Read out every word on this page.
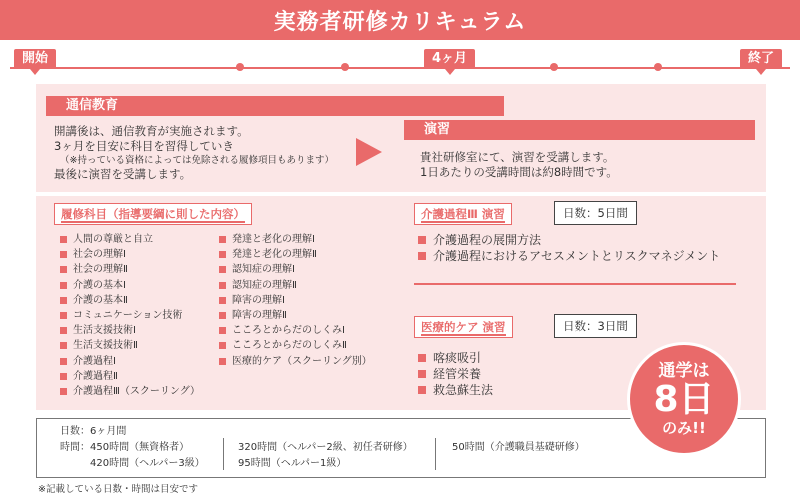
実務者研修カリキュラム
開始	4ヶ月	終了
通信教育
開講後は、通信教育が実施されます。
3ヶ月を目安に科目を習得していき
（※持っている資格によっては免除される履修項目もあります）
最後に演習を受講します。
演習
貴社研修室にて、演習を受講します。
1日あたりの受講時間は約8時間です。
履修科目（指導要綱に則した内容）
人間の尊厳と自立
社会の理解Ⅰ
社会の理解Ⅱ
介護の基本Ⅰ
介護の基本Ⅱ
コミュニケーション技術
生活支援技術Ⅰ
生活支援技術Ⅱ
介護過程Ⅰ
介護過程Ⅱ
介護過程Ⅲ（スクーリング）
発達と老化の理解Ⅰ
発達と老化の理解Ⅱ
認知症の理解Ⅰ
認知症の理解Ⅱ
障害の理解Ⅰ
障害の理解Ⅱ
こころとからだのしくみⅠ
こころとからだのしくみⅡ
医療的ケア（スクーリング別）
介護過程Ⅲ 演習	日数：5日間
介護過程の展開方法
介護過程におけるアセスメントとリスクマネジメント
医療的ケア 演習	日数：3日間
喀痰吸引
経管栄養
救急蘇生法
日数：6ヶ月間
時間： 450時間（無資格者）
420時間（ヘルパー3級）
320時間（ヘルパー2級、初任者研修）
95時間（ヘルパー1級）
50時間（介護職員基礎研修）
通学は
8日
のみ!!
※記載している日数・時間は目安です
